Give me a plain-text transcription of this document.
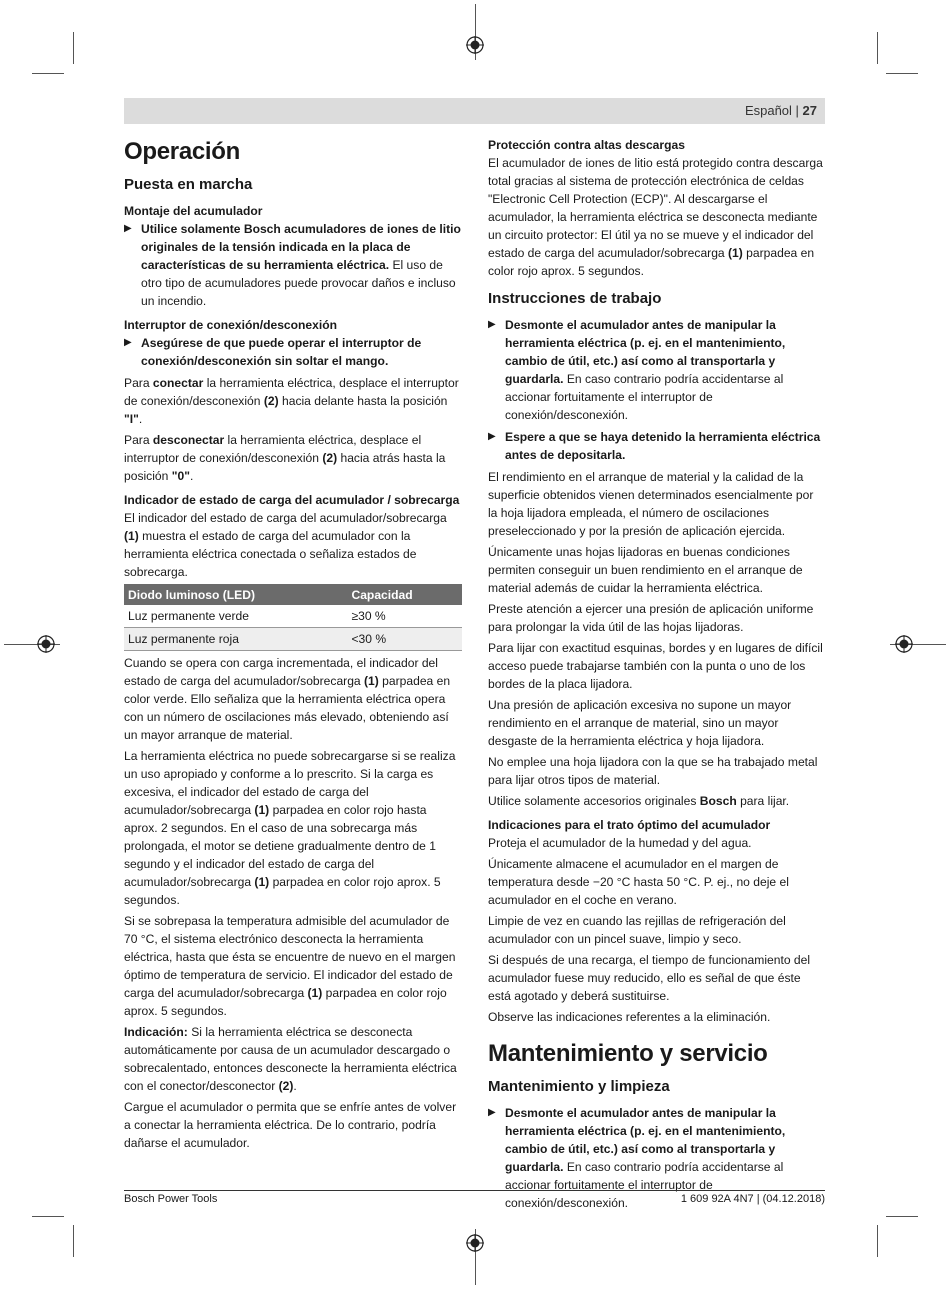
Español | 27
Operación
Puesta en marcha
Montaje del acumulador

▶ Utilice solamente Bosch acumuladores de iones de litio originales de la tensión indicada en la placa de características de su herramienta eléctrica. El uso de otro tipo de acumuladores puede provocar daños e incluso un incendio.

Interruptor de conexión/desconexión

▶ Asegúrese de que puede operar el interruptor de conexión/desconexión sin soltar el mango.

Para conectar la herramienta eléctrica, desplace el interruptor de conexión/desconexión (2) hacia delante hasta la posición "I".

Para desconectar la herramienta eléctrica, desplace el interruptor de conexión/desconexión (2) hacia atrás hasta la posición "0".

Indicador de estado de carga del acumulador / sobrecarga

El indicador del estado de carga del acumulador/sobrecarga (1) muestra el estado de carga del acumulador con la herramienta eléctrica conectada o señaliza estados de sobrecarga.

Diodo luminoso (LED)	Capacidad
Luz permanente verde	≥30 %
Luz permanente roja	<30 %

Cuando se opera con carga incrementada, el indicador del estado de carga del acumulador/sobrecarga (1) parpadea en color verde. Ello señaliza que la herramienta eléctrica opera con un número de oscilaciones más elevado, obteniendo así un mayor arranque de material.

La herramienta eléctrica no puede sobrecargarse si se realiza un uso apropiado y conforme a lo prescrito. Si la carga es excesiva, el indicador del estado de carga del acumulador/sobrecarga (1) parpadea en color rojo hasta aprox. 2 segundos. En el caso de una sobrecarga más prolongada, el motor se detiene gradualmente dentro de 1 segundo y el indicador del estado de carga del acumulador/sobrecarga (1) parpadea en color rojo aprox. 5 segundos.

Si se sobrepasa la temperatura admisible del acumulador de 70 °C, el sistema electrónico desconecta la herramienta eléctrica, hasta que ésta se encuentre de nuevo en el margen óptimo de temperatura de servicio. El indicador del estado de carga del acumulador/sobrecarga (1) parpadea en color rojo aprox. 5 segundos.

Indicación: Si la herramienta eléctrica se desconecta automáticamente por causa de un acumulador descargado o sobrecalentado, entonces desconecte la herramienta eléctrica con el conector/desconector (2).

Cargue el acumulador o permita que se enfríe antes de volver a conectar la herramienta eléctrica. De lo contrario, podría dañarse el acumulador.

Protección contra altas descargas

El acumulador de iones de litio está protegido contra descarga total gracias al sistema de protección electrónica de celdas "Electronic Cell Protection (ECP)". Al descargarse el acumulador, la herramienta eléctrica se desconecta mediante un circuito protector: El útil ya no se mueve y el indicador del estado de carga del acumulador/sobrecarga (1) parpadea en color rojo aprox. 5 segundos.

Instrucciones de trabajo

▶ Desmonte el acumulador antes de manipular la herramienta eléctrica (p. ej. en el mantenimiento, cambio de útil, etc.) así como al transportarla y guardarla. En caso contrario podría accidentarse al accionar fortuitamente el interruptor de conexión/desconexión.

▶ Espere a que se haya detenido la herramienta eléctrica antes de depositarla.

El rendimiento en el arranque de material y la calidad de la superficie obtenidos vienen determinados esencialmente por la hoja lijadora empleada, el número de oscilaciones preseleccionado y por la presión de aplicación ejercida.

Únicamente unas hojas lijadoras en buenas condiciones permiten conseguir un buen rendimiento en el arranque de material además de cuidar la herramienta eléctrica.

Preste atención a ejercer una presión de aplicación uniforme para prolongar la vida útil de las hojas lijadoras.

Para lijar con exactitud esquinas, bordes y en lugares de difícil acceso puede trabajarse también con la punta o uno de los bordes de la placa lijadora.

Una presión de aplicación excesiva no supone un mayor rendimiento en el arranque de material, sino un mayor desgaste de la herramienta eléctrica y hoja lijadora.

No emplee una hoja lijadora con la que se ha trabajado metal para lijar otros tipos de material.

Utilice solamente accesorios originales Bosch para lijar.

Indicaciones para el trato óptimo del acumulador

Proteja el acumulador de la humedad y del agua.

Únicamente almacene el acumulador en el margen de temperatura desde −20 °C hasta 50 °C. P. ej., no deje el acumulador en el coche en verano.

Limpie de vez en cuando las rejillas de refrigeración del acumulador con un pincel suave, limpio y seco.

Si después de una recarga, el tiempo de funcionamiento del acumulador fuese muy reducido, ello es señal de que éste está agotado y deberá sustituirse.

Observe las indicaciones referentes a la eliminación.

Mantenimiento y servicio
Mantenimiento y limpieza

▶ Desmonte el acumulador antes de manipular la herramienta eléctrica (p. ej. en el mantenimiento, cambio de útil, etc.) así como al transportarla y guardarla. En caso contrario podría accidentarse al accionar fortuitamente el interruptor de conexión/desconexión.

Bosch Power Tools	1 609 92A 4N7 | (04.12.2018)
